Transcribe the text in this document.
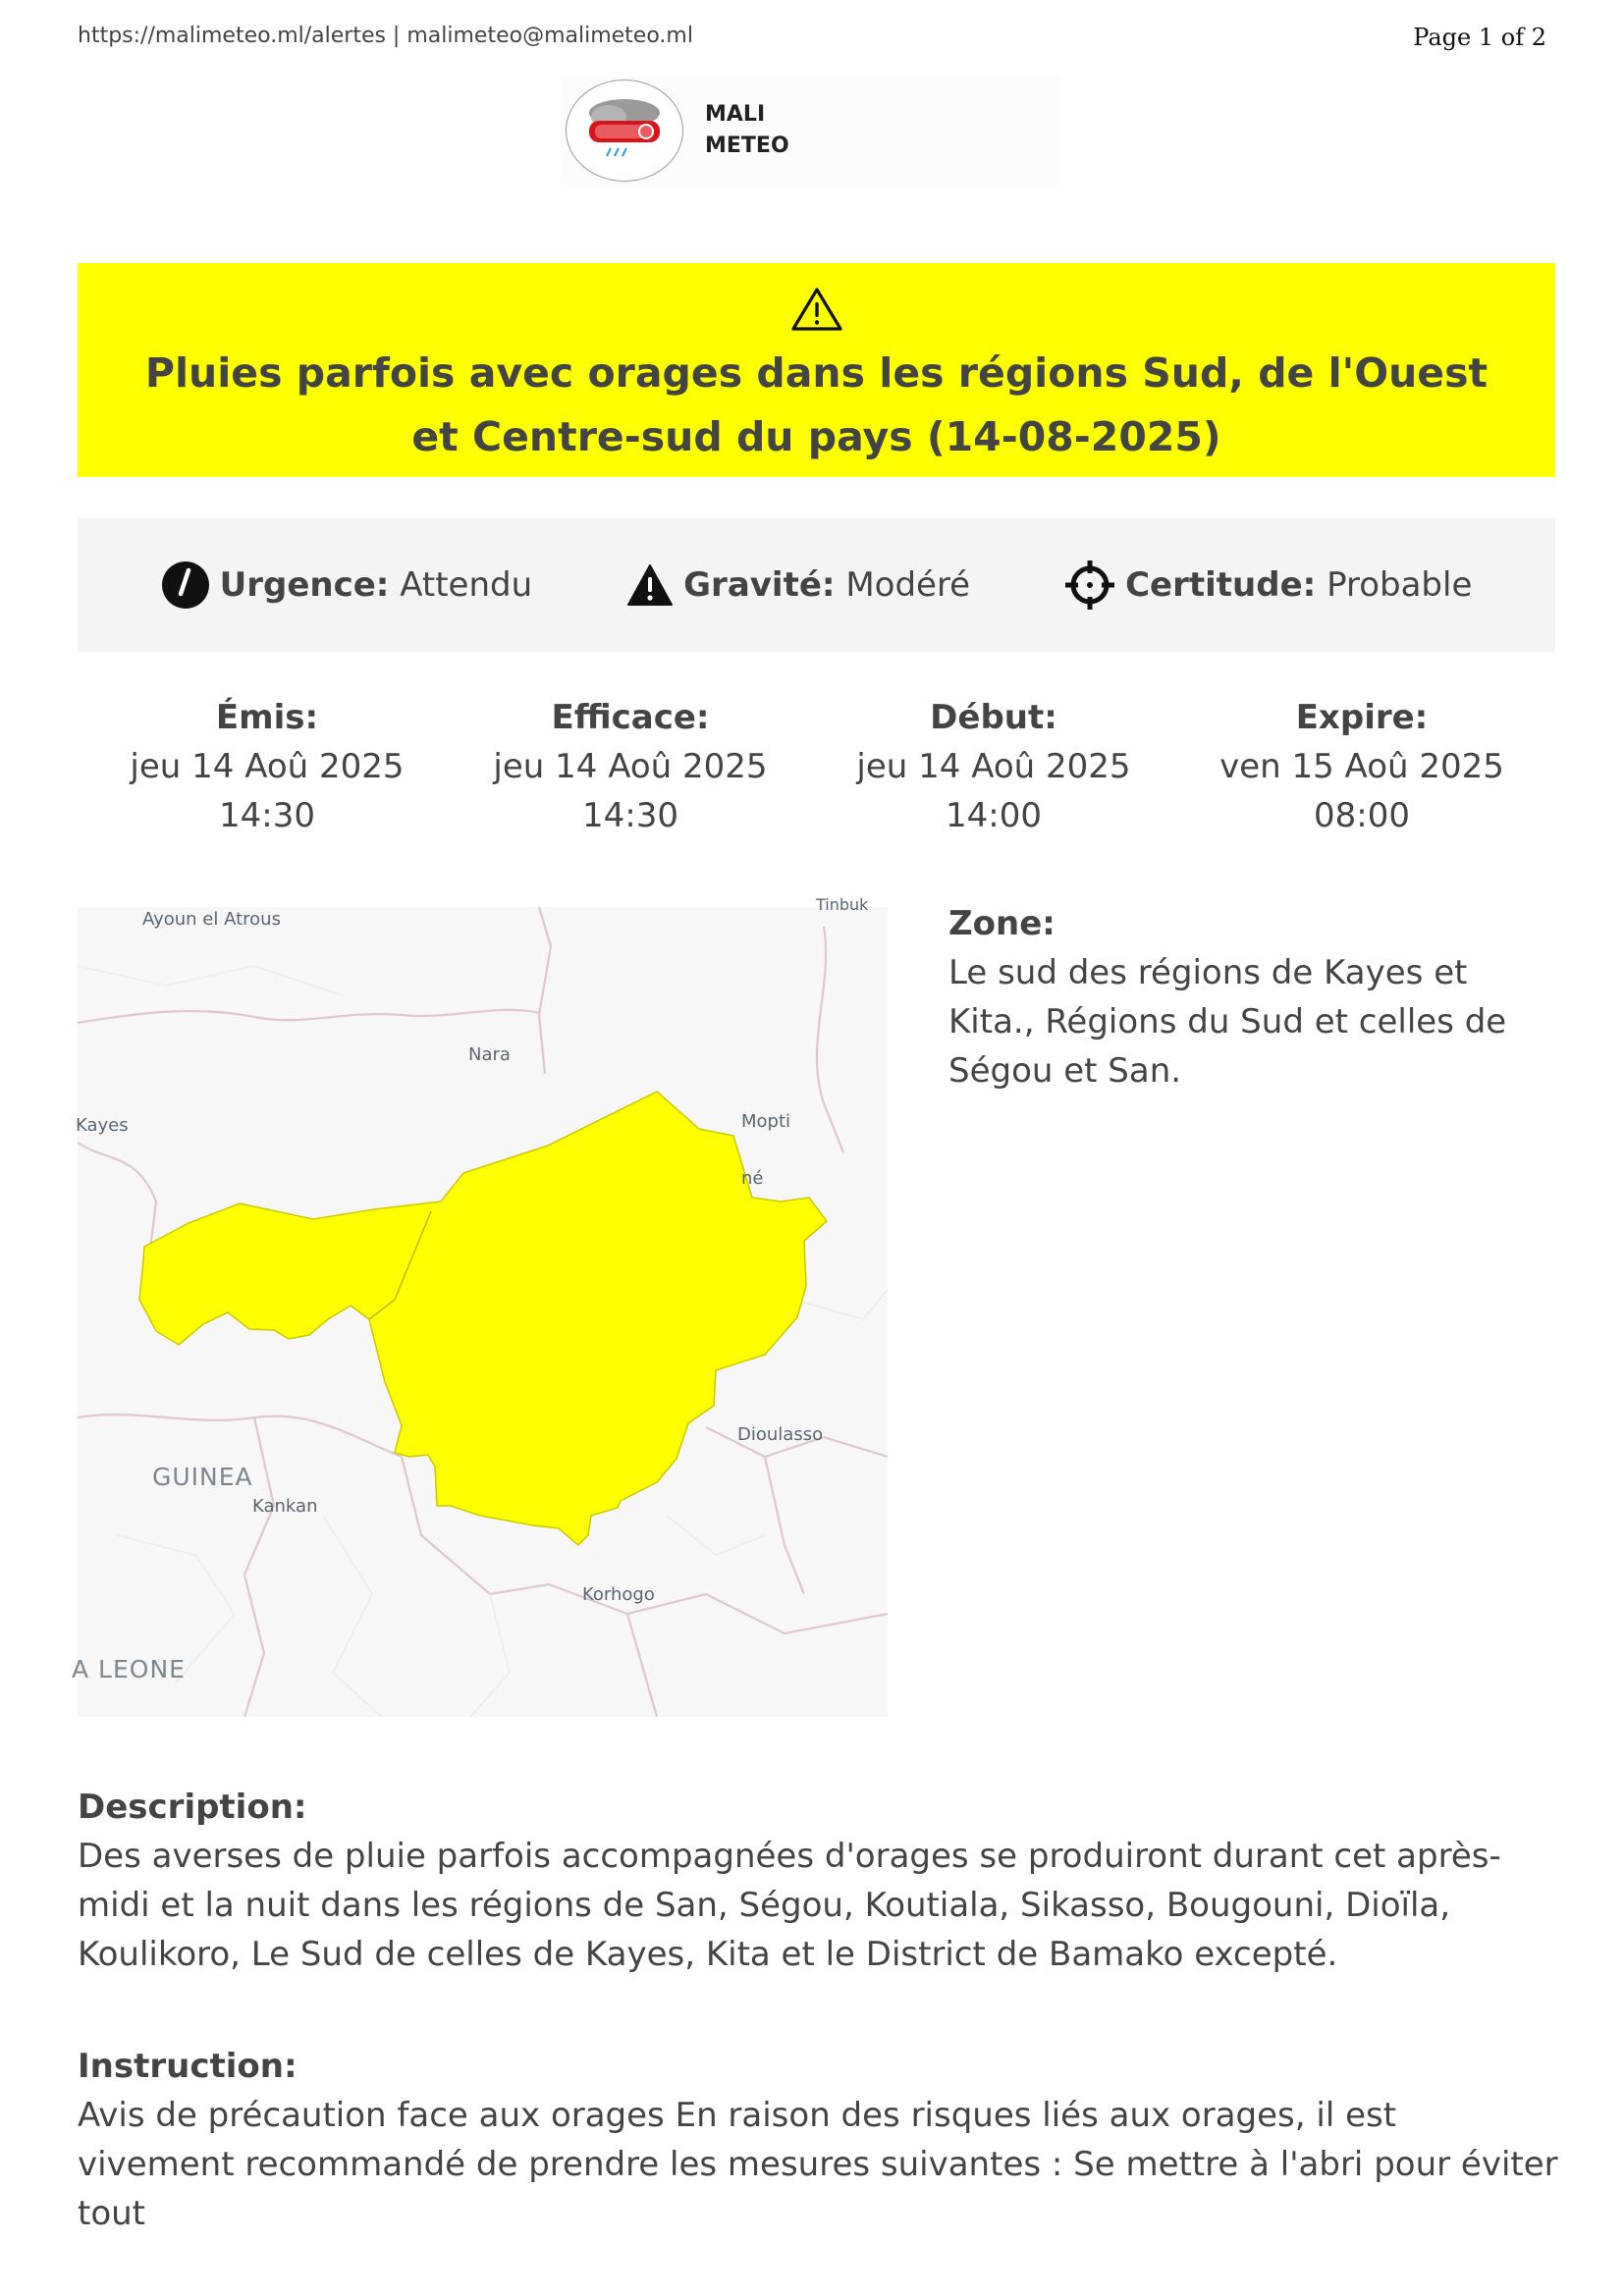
https://malimeteo.ml/alertes | malimeteo@malimeteo.ml	Page 1 of 2
MALI
METEO
Pluies parfois avec orages dans les régions Sud, de l'Ouest et Centre-sud du pays (14-08-2025)
Urgence: Attendu	Gravité: Modéré	Certitude: Probable
Émis:
jeu 14 Aoû 2025
14:30
Efficace:
jeu 14 Aoû 2025
14:30
Début:
jeu 14 Aoû 2025
14:00
Expire:
ven 15 Aoû 2025
08:00
Ayoun el Atrous
Tinbuk
Nara
Kayes	Mopti
né
Dioulasso
GUINEA
Kankan
Korhogo
A LEONE
Zone:
Le sud des régions de Kayes et Kita., Régions du Sud et celles de Ségou et San.
Description:
Des averses de pluie parfois accompagnées d'orages se produiront durant cet après-midi et la nuit dans les régions de San, Ségou, Koutiala, Sikasso, Bougouni, Dioïla, Koulikoro, Le Sud de celles de Kayes, Kita et le District de Bamako excepté.
Instruction:
Avis de précaution face aux orages En raison des risques liés aux orages, il est vivement recommandé de prendre les mesures suivantes : Se mettre à l'abri pour éviter tout
